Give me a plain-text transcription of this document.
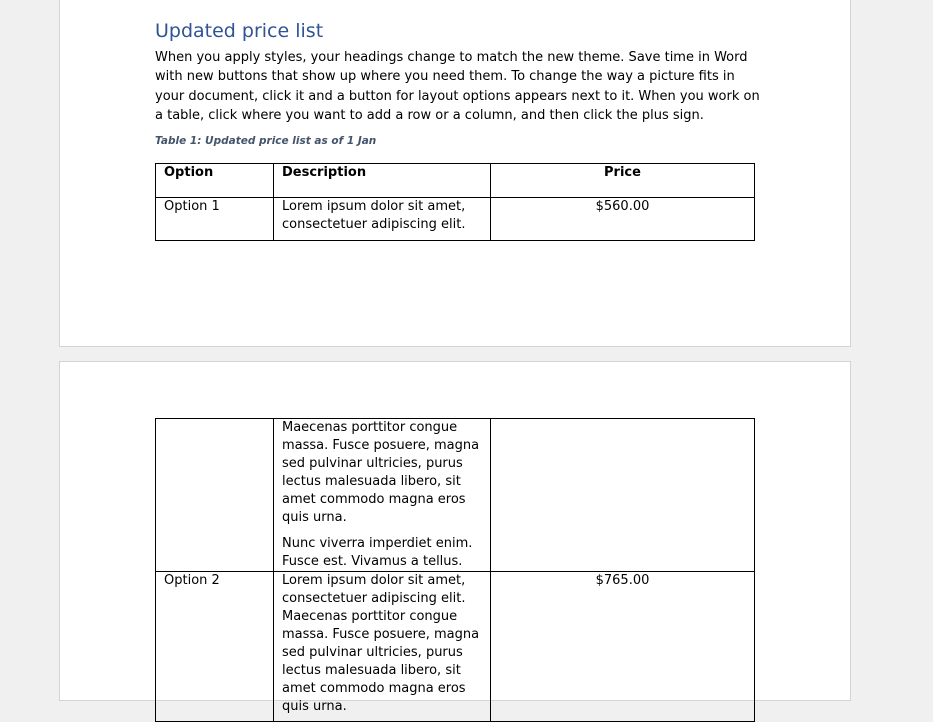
Updated price list

When you apply styles, your headings change to match the new theme. Save time in Word with new buttons that show up where you need them. To change the way a picture fits in your document, click it and a button for layout options appears next to it. When you work on a table, click where you want to add a row or a column, and then click the plus sign.

Table 1: Updated price list as of 1 Jan

Option	Description	Price
Option 1	Lorem ipsum dolor sit amet, consectetuer adipiscing elit.	$560.00

	Maecenas porttitor congue massa. Fusce posuere, magna sed pulvinar ultricies, purus lectus malesuada libero, sit amet commodo magna eros quis urna.

Nunc viverra imperdiet enim. Fusce est. Vivamus a tellus.	

Option 2	Lorem ipsum dolor sit amet, consectetuer adipiscing elit. Maecenas porttitor congue massa. Fusce posuere, magna sed pulvinar ultricies, purus lectus malesuada libero, sit amet commodo magna eros quis urna.	$765.00
